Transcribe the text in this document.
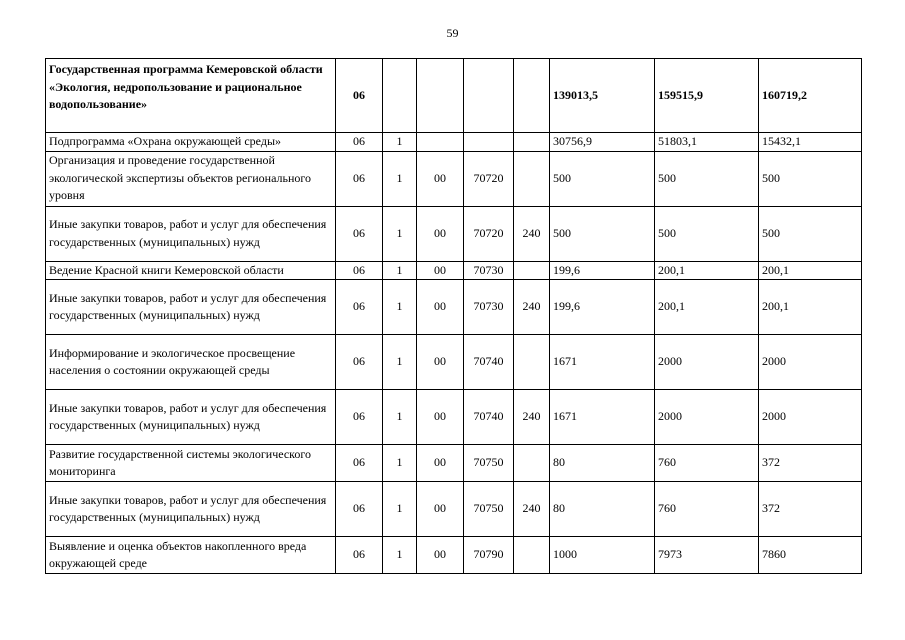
59
Государственная программа Кемеровской области «Экология, недропользование и рациональное водопользование»	06					139013,5	159515,9	160719,2
Подпрограмма «Охрана окружающей среды»	06	1				30756,9	51803,1	15432,1
Организация и проведение государственной экологической экспертизы объектов регионального уровня	06	1	00	70720		500	500	500
Иные закупки товаров, работ и услуг для обеспечения государственных (муниципальных) нужд	06	1	00	70720	240	500	500	500
Ведение Красной книги Кемеровской области	06	1	00	70730		199,6	200,1	200,1
Иные закупки товаров, работ и услуг для обеспечения государственных (муниципальных) нужд	06	1	00	70730	240	199,6	200,1	200,1
Информирование и экологическое просвещение населения о состоянии окружающей среды	06	1	00	70740		1671	2000	2000
Иные закупки товаров, работ и услуг для обеспечения государственных (муниципальных) нужд	06	1	00	70740	240	1671	2000	2000
Развитие государственной системы экологического мониторинга	06	1	00	70750		80	760	372
Иные закупки товаров, работ и услуг для обеспечения государственных (муниципальных) нужд	06	1	00	70750	240	80	760	372
Выявление и оценка объектов накопленного вреда окружающей среде	06	1	00	70790		1000	7973	7860
